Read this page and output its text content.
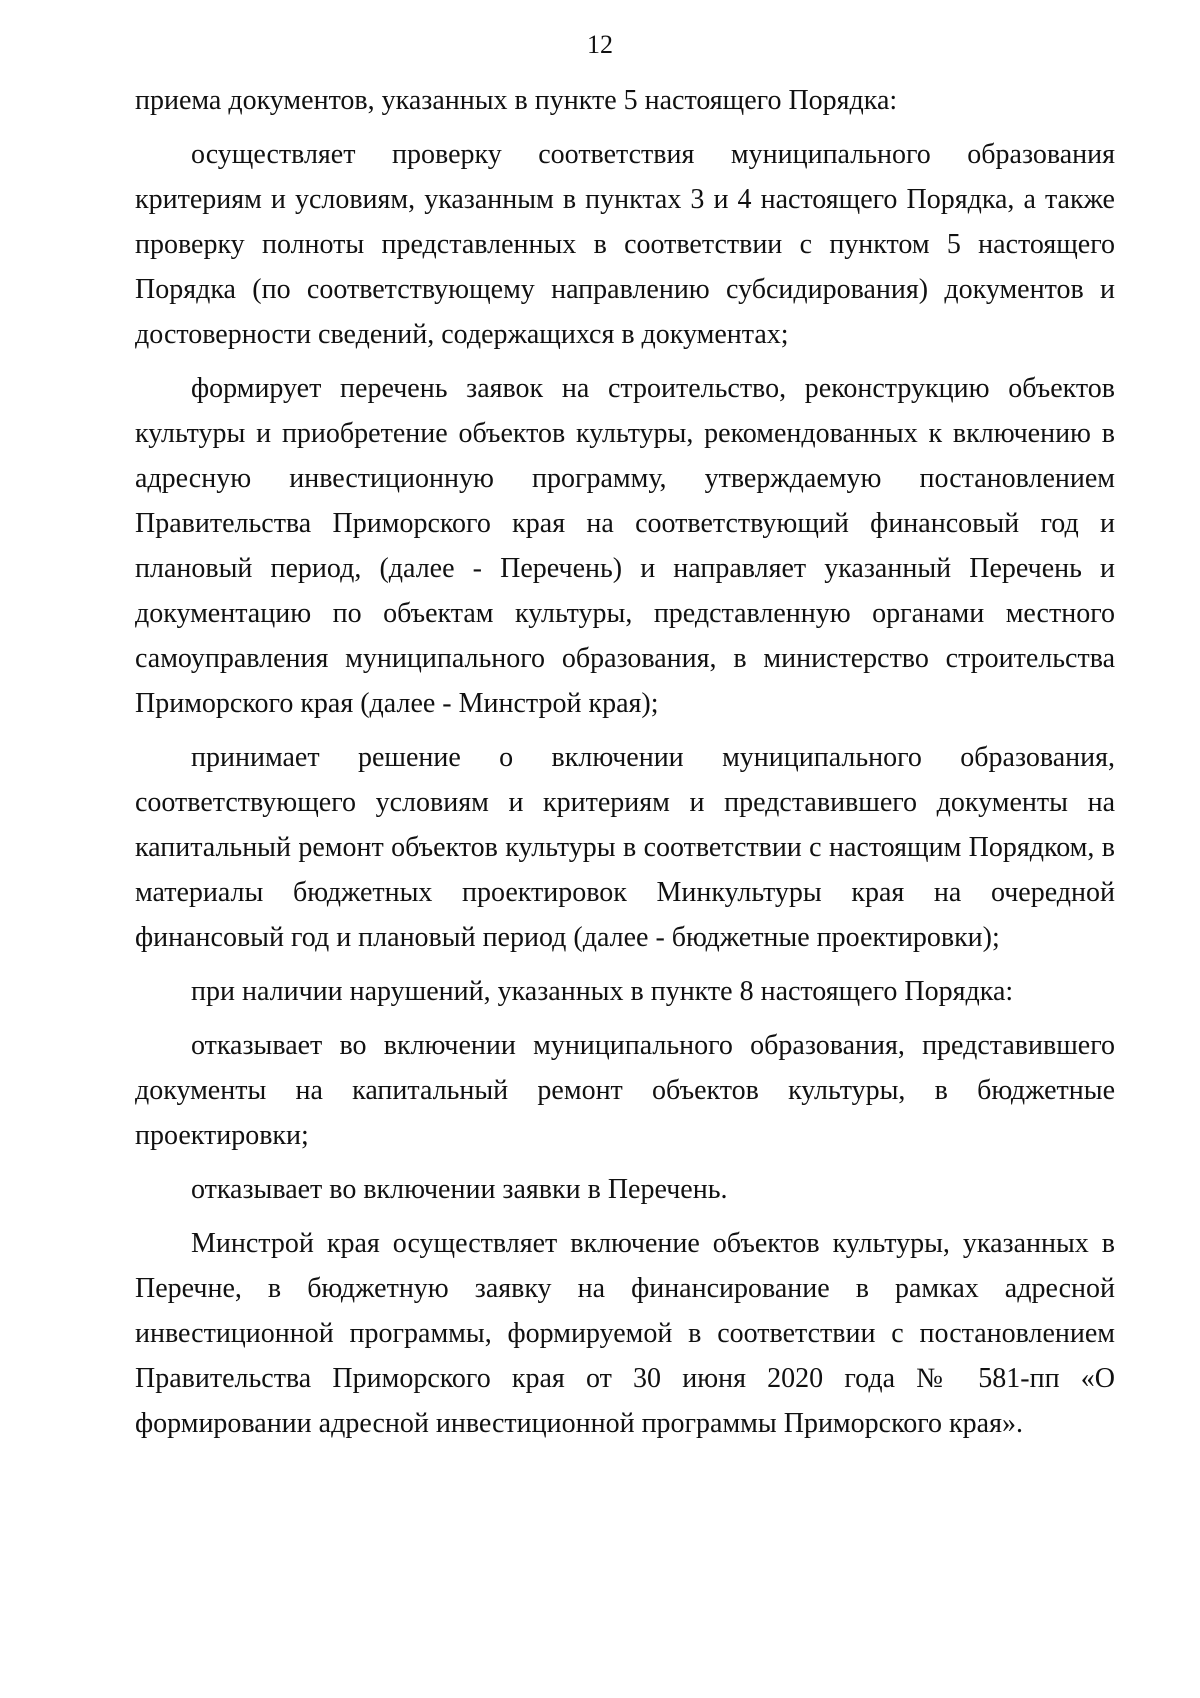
12

приема документов, указанных в пункте 5 настоящего Порядка:

осуществляет проверку соответствия муниципального образования критериям и условиям, указанным в пунктах 3 и 4 настоящего Порядка, а также проверку полноты представленных в соответствии с пунктом 5 настоящего Порядка (по соответствующему направлению субсидирования) документов и достоверности сведений, содержащихся в документах;

формирует перечень заявок на строительство, реконструкцию объектов культуры и приобретение объектов культуры, рекомендованных к включению в адресную инвестиционную программу, утверждаемую постановлением Правительства Приморского края на соответствующий финансовый год и плановый период, (далее - Перечень) и направляет указанный Перечень и документацию по объектам культуры, представленную органами местного самоуправления муниципального образования, в министерство строительства Приморского края (далее - Минстрой края);

принимает решение о включении муниципального образования, соответствующего условиям и критериям и представившего документы на капитальный ремонт объектов культуры в соответствии с настоящим Порядком, в материалы бюджетных проектировок Минкультуры края на очередной финансовый год и плановый период (далее - бюджетные проектировки);

при наличии нарушений, указанных в пункте 8 настоящего Порядка:

отказывает во включении муниципального образования, представившего документы на капитальный ремонт объектов культуры, в бюджетные проектировки;

отказывает во включении заявки в Перечень.

Минстрой края осуществляет включение объектов культуры, указанных в Перечне, в бюджетную заявку на финансирование в рамках адресной инвестиционной программы, формируемой в соответствии с постановлением Правительства Приморского края от 30 июня 2020 года № 581-пп «О формировании адресной инвестиционной программы Приморского края».
